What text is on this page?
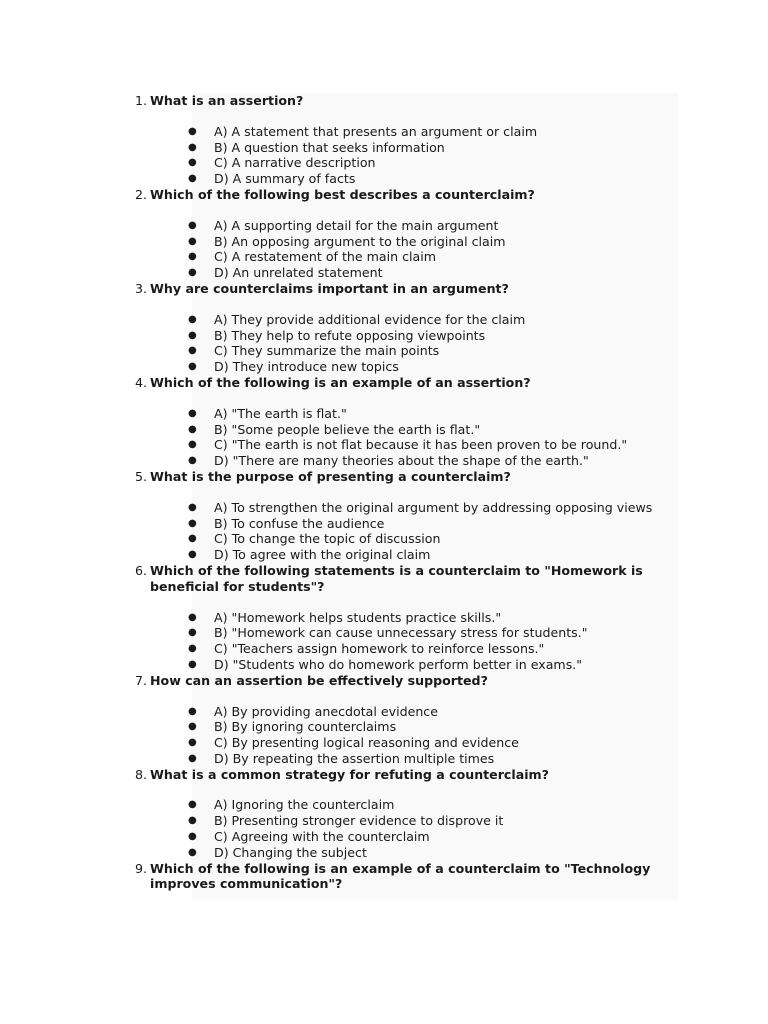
1. What is an assertion?

● A) A statement that presents an argument or claim
● B) A question that seeks information
● C) A narrative description
● D) A summary of facts
2. Which of the following best describes a counterclaim?

● A) A supporting detail for the main argument
● B) An opposing argument to the original claim
● C) A restatement of the main claim
● D) An unrelated statement
3. Why are counterclaims important in an argument?

● A) They provide additional evidence for the claim
● B) They help to refute opposing viewpoints
● C) They summarize the main points
● D) They introduce new topics
4. Which of the following is an example of an assertion?

● A) "The earth is flat."
● B) "Some people believe the earth is flat."
● C) "The earth is not flat because it has been proven to be round."
● D) "There are many theories about the shape of the earth."
5. What is the purpose of presenting a counterclaim?

● A) To strengthen the original argument by addressing opposing views
● B) To confuse the audience
● C) To change the topic of discussion
● D) To agree with the original claim
6. Which of the following statements is a counterclaim to "Homework is beneficial for students"?

● A) "Homework helps students practice skills."
● B) "Homework can cause unnecessary stress for students."
● C) "Teachers assign homework to reinforce lessons."
● D) "Students who do homework perform better in exams."
7. How can an assertion be effectively supported?

● A) By providing anecdotal evidence
● B) By ignoring counterclaims
● C) By presenting logical reasoning and evidence
● D) By repeating the assertion multiple times
8. What is a common strategy for refuting a counterclaim?

● A) Ignoring the counterclaim
● B) Presenting stronger evidence to disprove it
● C) Agreeing with the counterclaim
● D) Changing the subject
9. Which of the following is an example of a counterclaim to "Technology improves communication"?
